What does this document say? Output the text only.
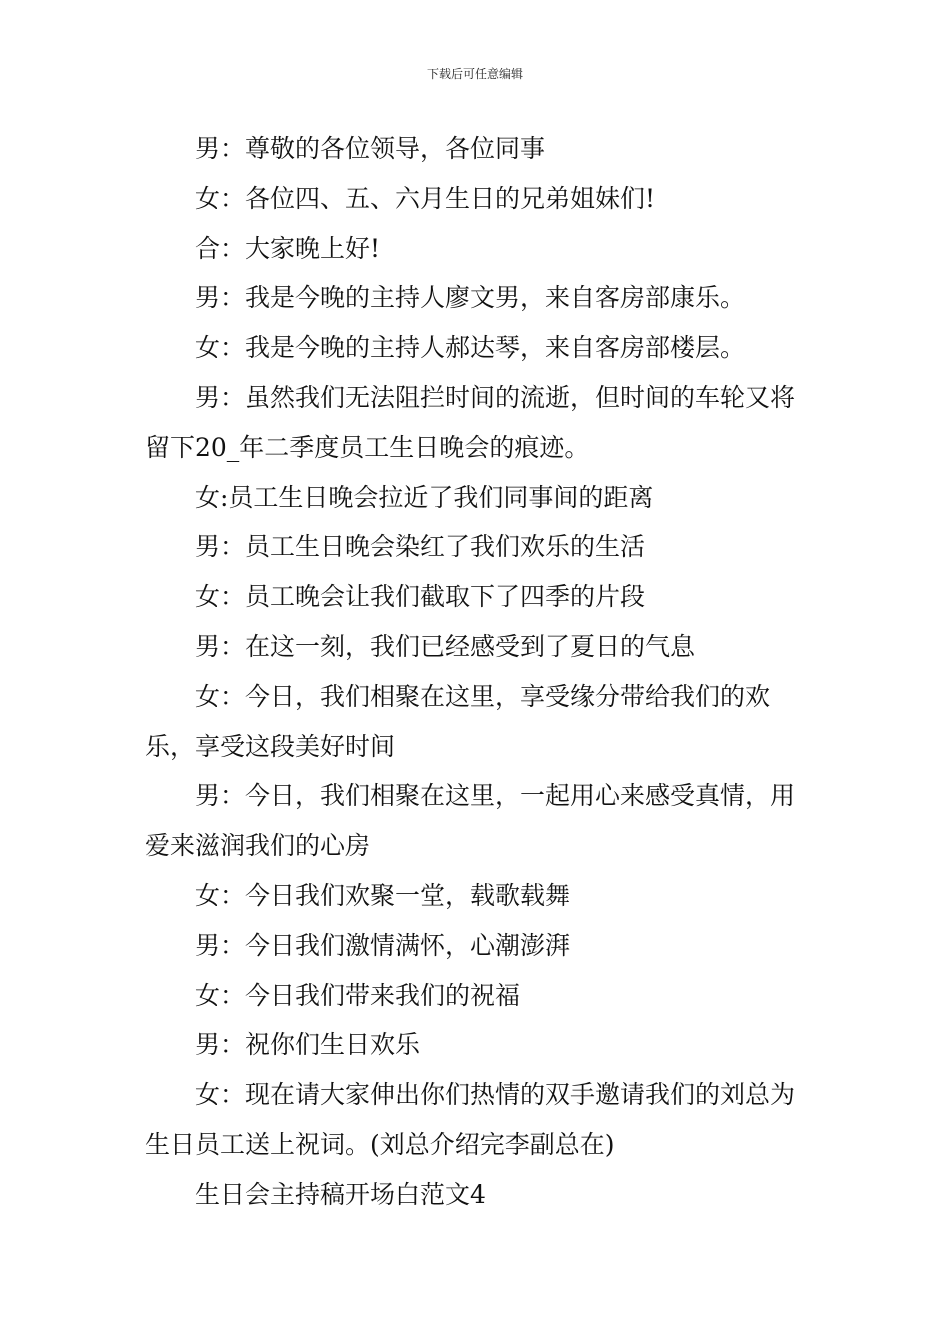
下载后可任意编辑

男：尊敬的各位领导，各位同事

女：各位四、五、六月生日的兄弟姐妹们!

合：大家晚上好!

男：我是今晚的主持人廖文男，来自客房部康乐。

女：我是今晚的主持人郝达琴，来自客房部楼层。

男：虽然我们无法阻拦时间的流逝，但时间的车轮又将留下20_年二季度员工生日晚会的痕迹。

女:员工生日晚会拉近了我们同事间的距离

男：员工生日晚会染红了我们欢乐的生活

女：员工晚会让我们截取下了四季的片段

男：在这一刻，我们已经感受到了夏日的气息

女：今日，我们相聚在这里，享受缘分带给我们的欢乐，享受这段美好时间

男：今日，我们相聚在这里，一起用心来感受真情，用爱来滋润我们的心房

女：今日我们欢聚一堂，载歌载舞

男：今日我们激情满怀，心潮澎湃

女：今日我们带来我们的祝福

男：祝你们生日欢乐

女：现在请大家伸出你们热情的双手邀请我们的刘总为生日员工送上祝词。(刘总介绍完李副总在)

生日会主持稿开场白范文4
